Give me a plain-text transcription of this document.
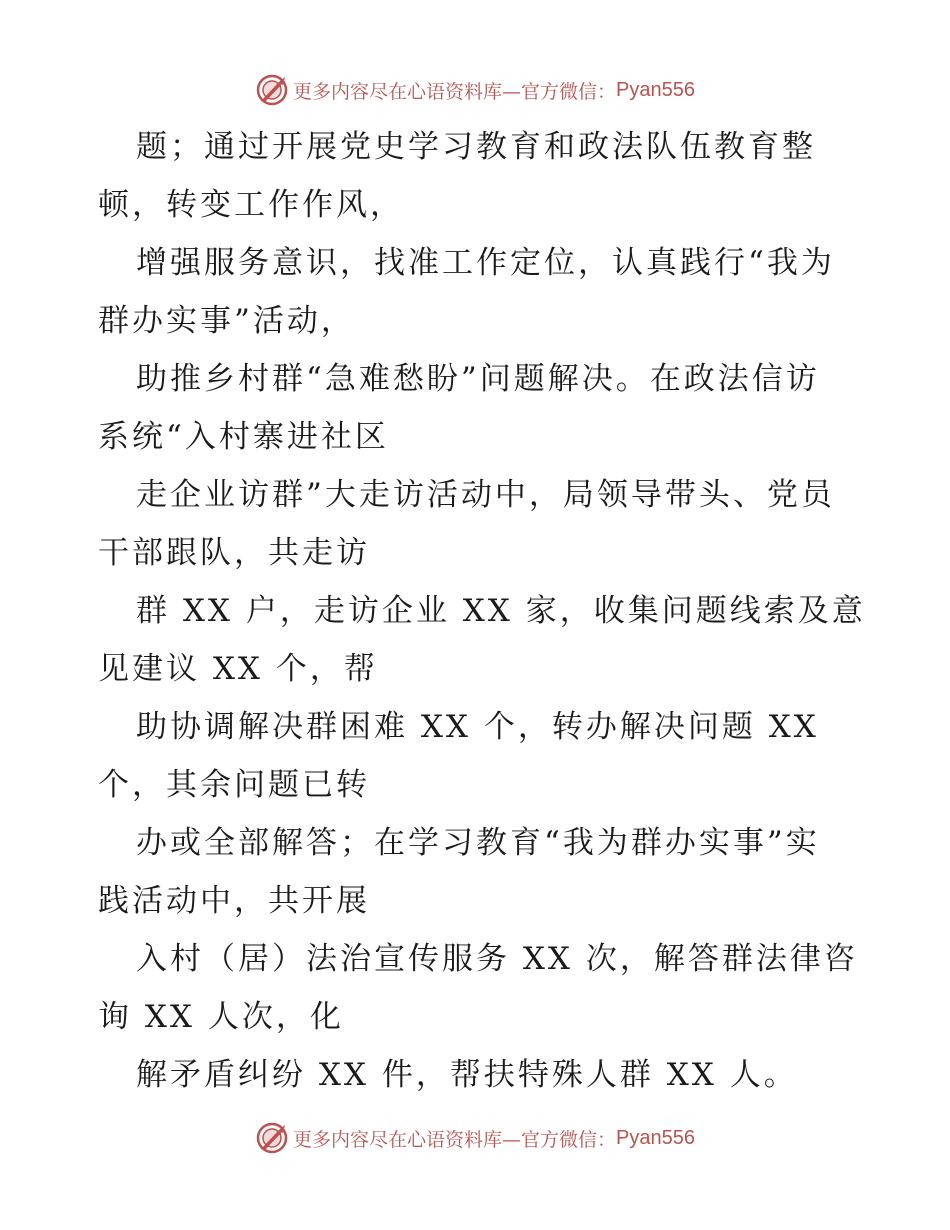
更多内容尽在心语资料库—官方微信： Pyan556
题；通过开展党史学习教育和政法队伍教育整
顿，转变工作作风，
增强服务意识，找准工作定位，认真践行“我为
群办实事”活动，
助推乡村群“急难愁盼”问题解决。在政法信访
系统“入村寨进社区
走企业访群”大走访活动中，局领导带头、党员
干部跟队，共走访
群 XX 户，走访企业 XX 家，收集问题线索及意
见建议 XX 个，帮
助协调解决群困难 XX 个，转办解决问题 XX
个，其余问题已转
办或全部解答；在学习教育“我为群办实事”实
践活动中，共开展
入村（居）法治宣传服务 XX 次，解答群法律咨
询 XX 人次，化
解矛盾纠纷 XX 件，帮扶特殊人群 XX 人。
更多内容尽在心语资料库—官方微信： Pyan556
